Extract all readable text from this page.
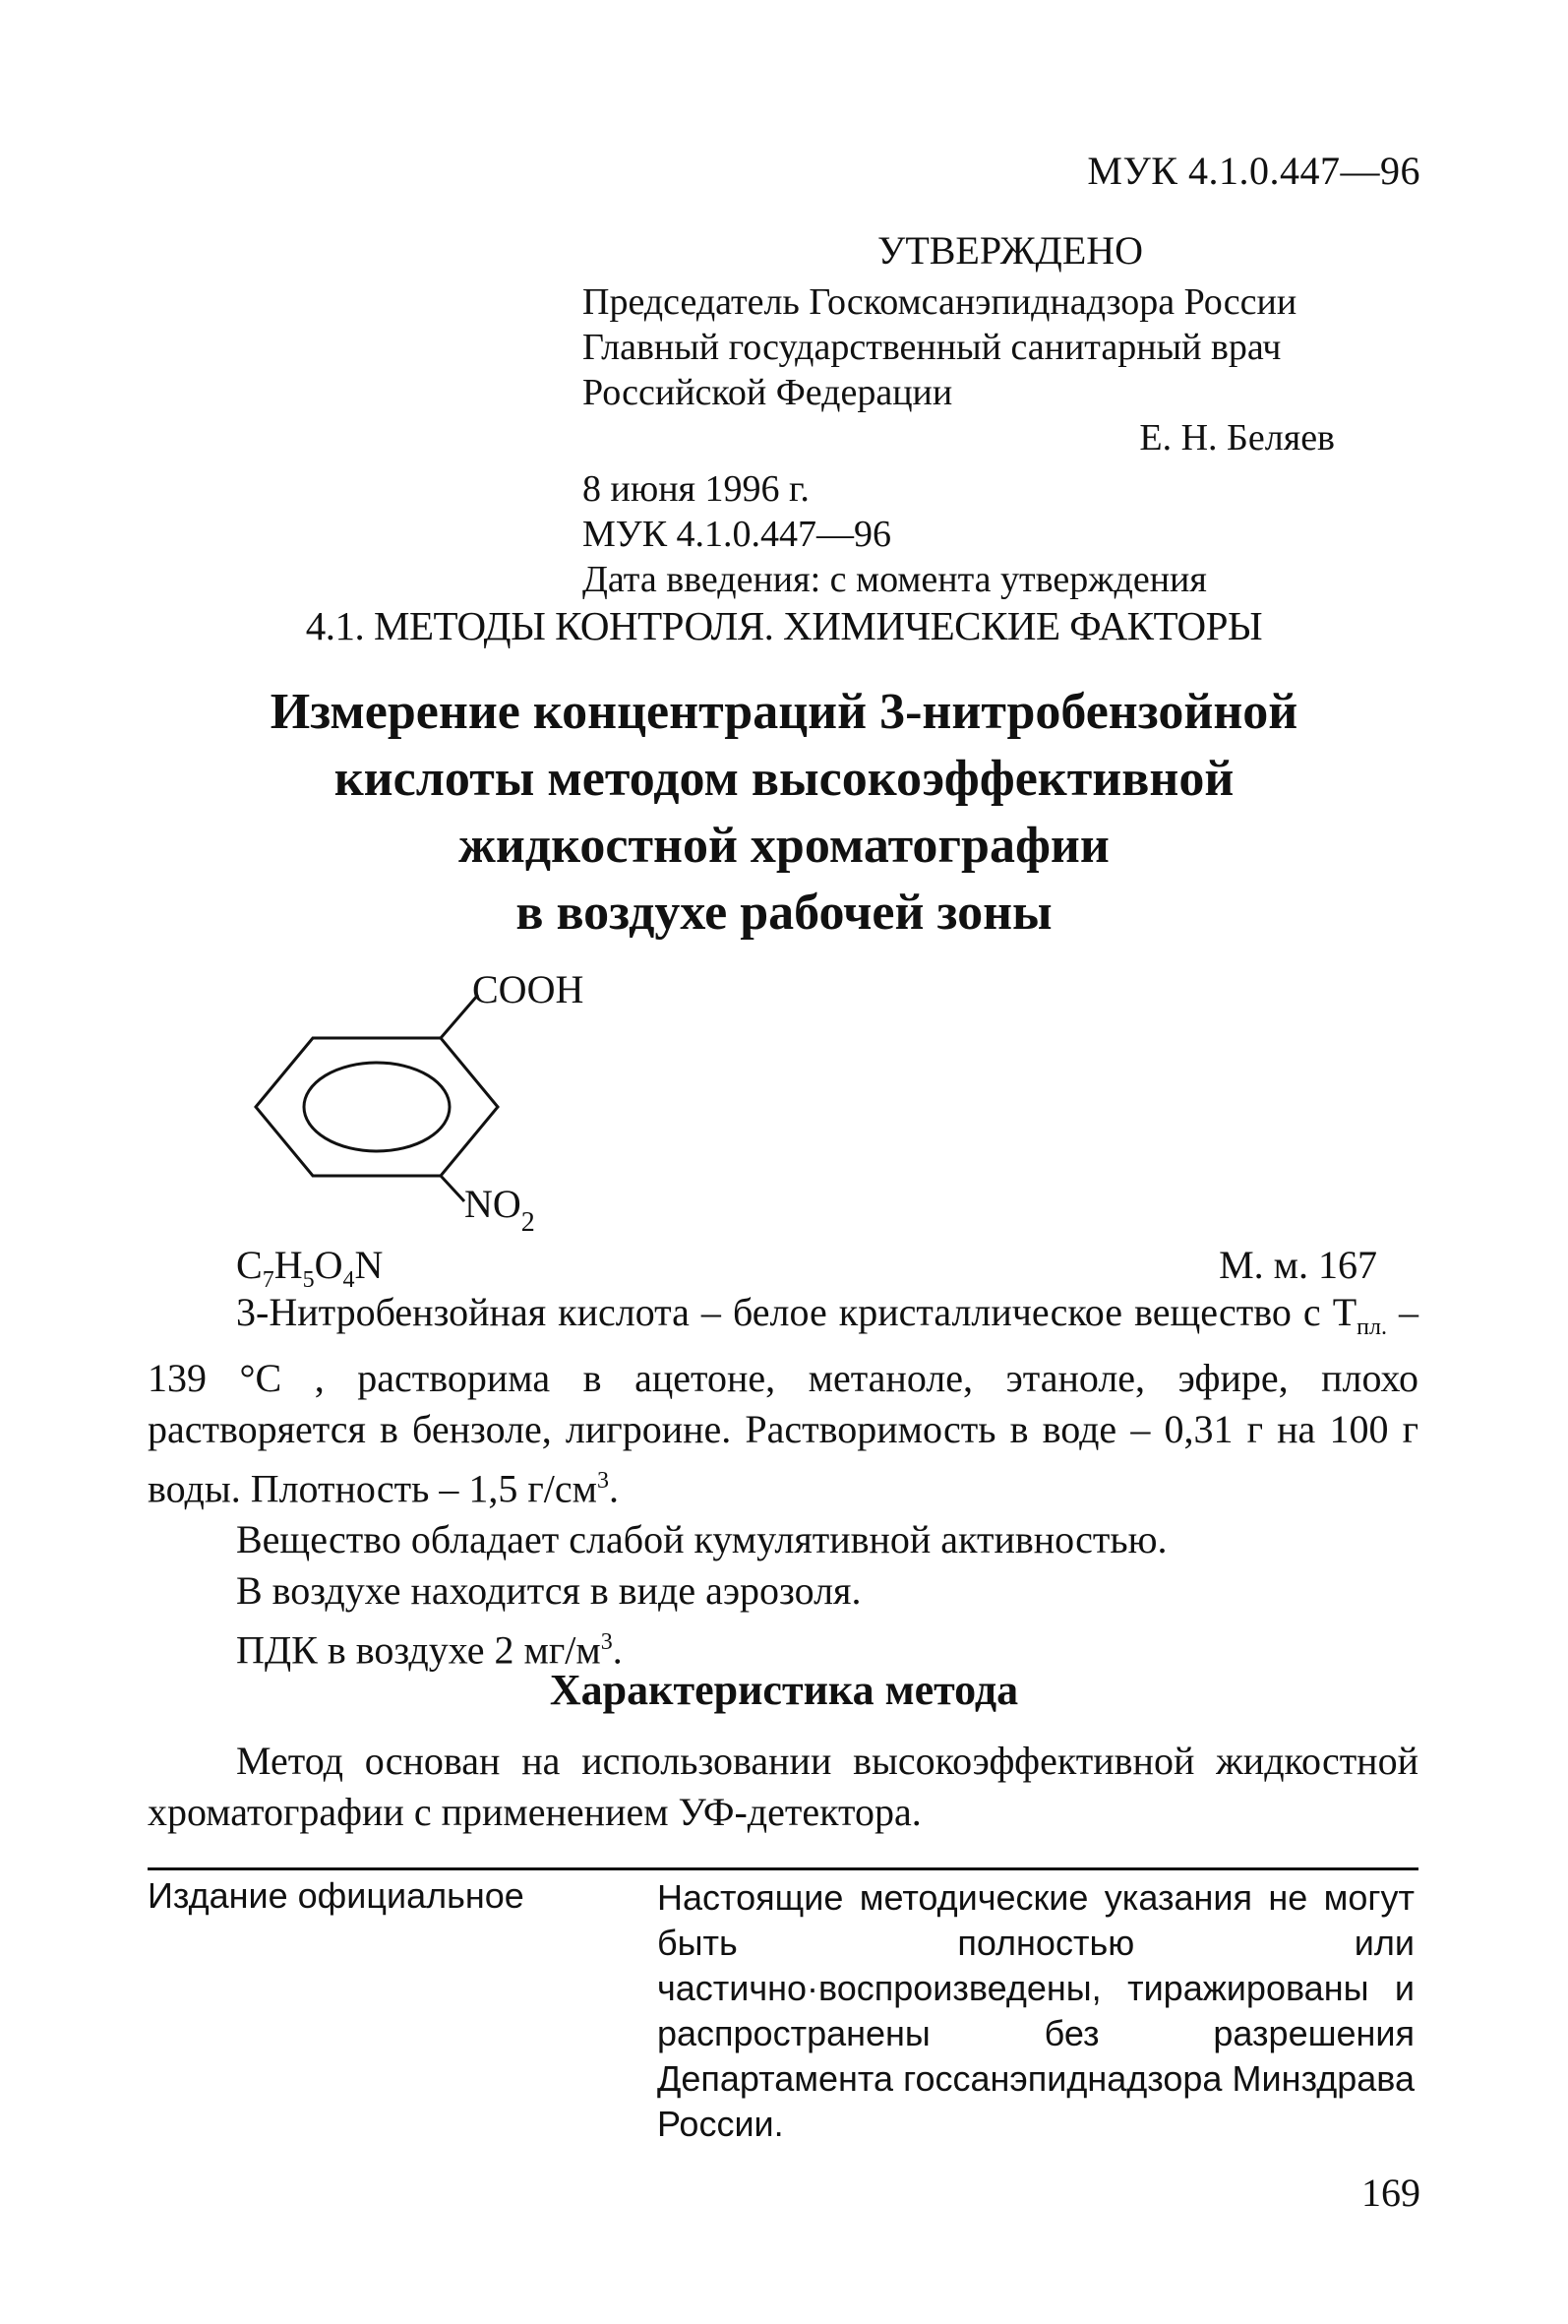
МУК 4.1.0.447—96
УТВЕРЖДЕНО
Председатель Госкомсанэпиднадзора России
Главный государственный санитарный врач
Российской Федерации
Е. Н. Беляев
8 июня 1996 г.
МУК 4.1.0.447—96
Дата введения: с момента утверждения
4.1. МЕТОДЫ КОНТРОЛЯ. ХИМИЧЕСКИЕ ФАКТОРЫ
Измерение концентраций 3-нитробензойной
кислоты методом высокоэффективной
жидкостной хроматографии
в воздухе рабочей зоны
COOH
$NO_2$
$C_7H_5O_4N$	М. м. 167

3-Нитробензойная кислота – белое кристаллическое вещество с $T_{пл.} - 139$ °C , растворима в ацетоне, метаноле, этаноле, эфире, плохо растворяется в бензоле, лигроине. Растворимость в воде – 0,31 г на 100 г воды. Плотность – 1,5 $г/см^3$.

Вещество обладает слабой кумулятивной активностью.

В воздухе находится в виде аэрозоля.

ПДК в воздухе 2 $мг/м^3$.

Характеристика метода
Метод основан на использовании высокоэффективной жидкостной хроматографии с применением УФ-детектора.
Издание официальное	Настоящие методические указания не могут быть полностью или частично·воспроизведены, тиражированы и распространены без разрешения Департамента госсанэпиднадзора Минздрава России.
169
